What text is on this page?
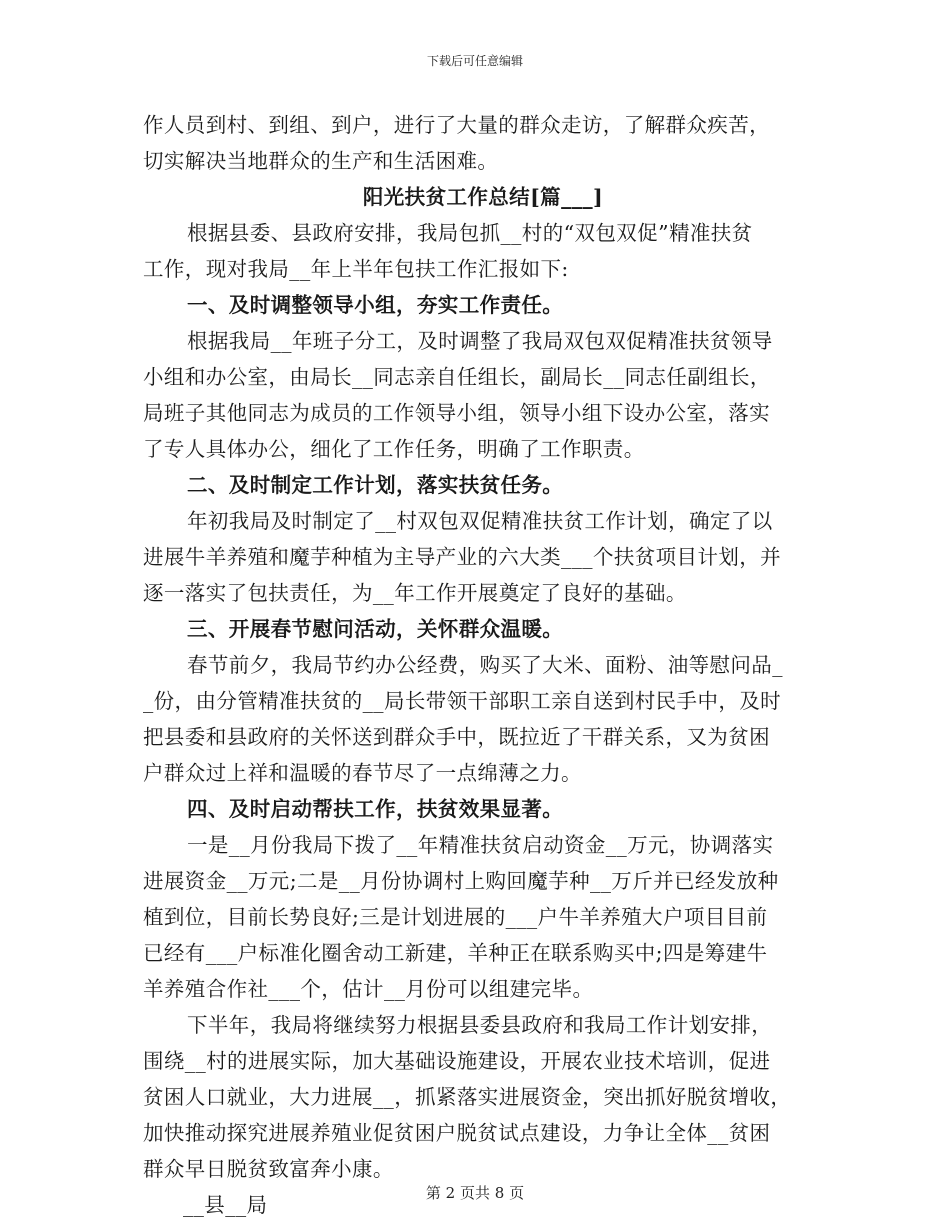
下载后可任意编辑
作人员到村、到组、到户，进行了大量的群众走访，了解群众疾苦，
切实解决当地群众的生产和生活困难。
阳光扶贫工作总结[篇___]
根据县委、县政府安排，我局包抓__村的“双包双促”精准扶贫
工作，现对我局__年上半年包扶工作汇报如下:
一、及时调整领导小组，夯实工作责任。
根据我局__年班子分工，及时调整了我局双包双促精准扶贫领导
小组和办公室，由局长__同志亲自任组长，副局长__同志任副组长，
局班子其他同志为成员的工作领导小组，领导小组下设办公室，落实
了专人具体办公，细化了工作任务，明确了工作职责。
二、及时制定工作计划，落实扶贫任务。
年初我局及时制定了__村双包双促精准扶贫工作计划，确定了以
进展牛羊养殖和魔芋种植为主导产业的六大类___个扶贫项目计划，并
逐一落实了包扶责任，为__年工作开展奠定了良好的基础。
三、开展春节慰问活动，关怀群众温暖。
春节前夕，我局节约办公经费，购买了大米、面粉、油等慰问品_
_份，由分管精准扶贫的__局长带领干部职工亲自送到村民手中，及时
把县委和县政府的关怀送到群众手中，既拉近了干群关系，又为贫困
户群众过上祥和温暖的春节尽了一点绵薄之力。
四、及时启动帮扶工作，扶贫效果显著。
一是__月份我局下拨了__年精准扶贫启动资金__万元，协调落实
进展资金__万元;二是__月份协调村上购回魔芋种__万斤并已经发放种
植到位，目前长势良好;三是计划进展的___户牛羊养殖大户项目目前
已经有___户标准化圈舍动工新建，羊种正在联系购买中;四是筹建牛
羊养殖合作社___个，估计__月份可以组建完毕。
下半年，我局将继续努力根据县委县政府和我局工作计划安排，
围绕__村的进展实际，加大基础设施建设，开展农业技术培训，促进
贫困人口就业，大力进展__，抓紧落实进展资金，突出抓好脱贫增收，
加快推动探究进展养殖业促贫困户脱贫试点建设，力争让全体__贫困
群众早日脱贫致富奔小康。
__县__局	第 2 页共 8 页
